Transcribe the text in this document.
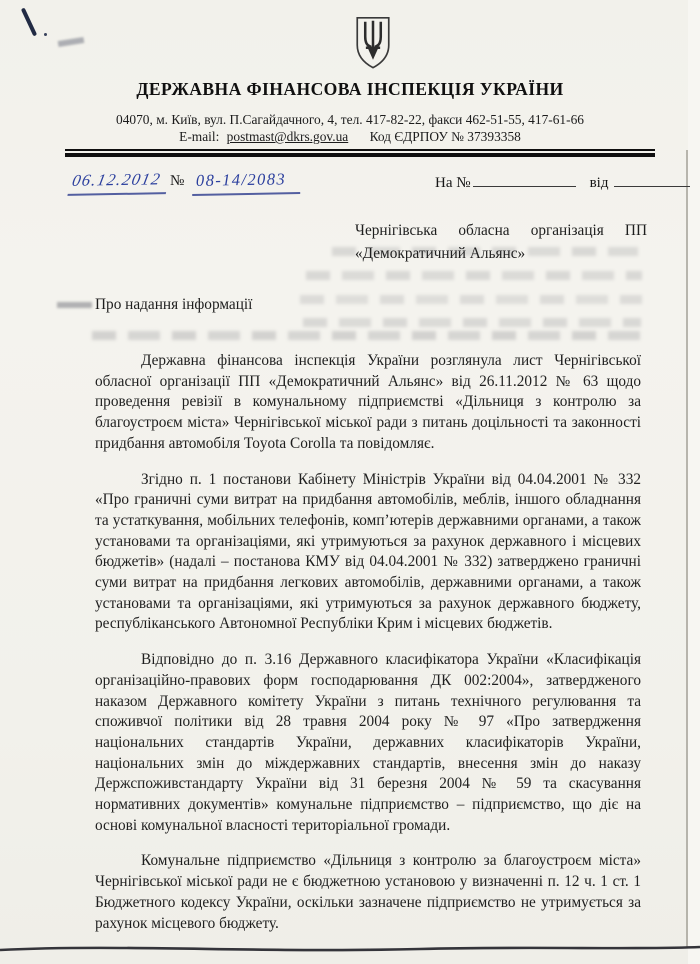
ДЕРЖАВНА ФІНАНСОВА ІНСПЕКЦІЯ УКРАЇНИ
04070, м. Київ, вул. П.Сагайдачного, 4, тел. 417-82-22, факси 462-51-55, 417-61-66
E-mail: postmast@dkrs.gov.ua Код ЄДРПОУ № 37393358
06.12.2012 № 08-14/2083	На №	від
Чернігівська обласна організація ПП
«Демократичний Альянс»
Про надання інформації

Державна фінансова інспекція України розглянула лист Чернігівської обласної організації ПП «Демократичний Альянс» від 26.11.2012 № 63 щодо проведення ревізії в комунальному підприємстві «Дільниця з контролю за благоустроєм міста» Чернігівської міської ради з питань доцільності та законності придбання автомобіля Toyota Corolla та повідомляє.

Згідно п. 1 постанови Кабінету Міністрів України від 04.04.2001 № 332 «Про граничні суми витрат на придбання автомобілів, меблів, іншого обладнання та устаткування, мобільних телефонів, комп’ютерів державними органами, а також установами та організаціями, які утримуються за рахунок державного і місцевих бюджетів» (надалі – постанова КМУ від 04.04.2001 № 332) затверджено граничні суми витрат на придбання легкових автомобілів, державними органами, а також установами та організаціями, які утримуються за рахунок державного бюджету, республіканського Автономної Республіки Крим і місцевих бюджетів.

Відповідно до п. 3.16 Державного класифікатора України «Класифікація організаційно-правових форм господарювання ДК 002:2004», затвердженого наказом Державного комітету України з питань технічного регулювання та споживчої політики від 28 травня 2004 року № 97 «Про затвердження національних стандартів України, державних класифікаторів України, національних змін до міждержавних стандартів, внесення змін до наказу Держспоживстандарту України від 31 березня 2004 № 59 та скасування нормативних документів» комунальне підприємство – підприємство, що діє на основі комунальної власності територіальної громади.

Комунальне підприємство «Дільниця з контролю за благоустроєм міста» Чернігівської міської ради не є бюджетною установою у визначенні п. 12 ч. 1 ст. 1 Бюджетного кодексу України, оскільки зазначене підприємство не утримується за рахунок місцевого бюджету.
